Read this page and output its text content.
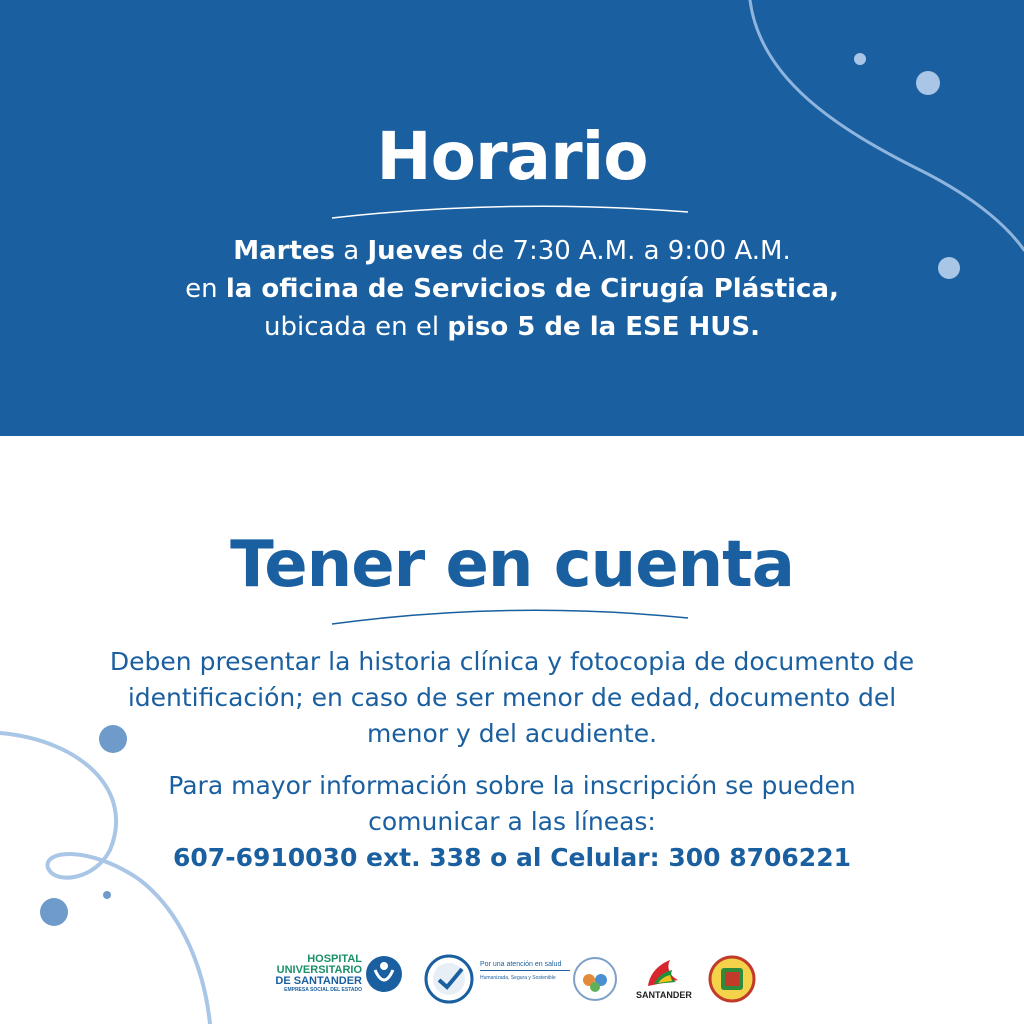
Horario
Martes a Jueves de 7:30 A.M. a 9:00 A.M.
en la oficina de Servicios de Cirugía Plástica,
ubicada en el piso 5 de la ESE HUS.
Tener en cuenta

Deben presentar la historia clínica y fotocopia de documento de identificación; en caso de ser menor de edad, documento del menor y del acudiente.

Para mayor información sobre la inscripción se pueden comunicar a las líneas:
607-6910030 ext. 338 o al Celular: 300 8706221

HOSPITAL
UNIVERSITARIO
DE SANTANDER
EMPRESA SOCIAL DEL ESTADO
Por una atención en salud
Humanizada, Segura y Sostenible
SANTANDER
